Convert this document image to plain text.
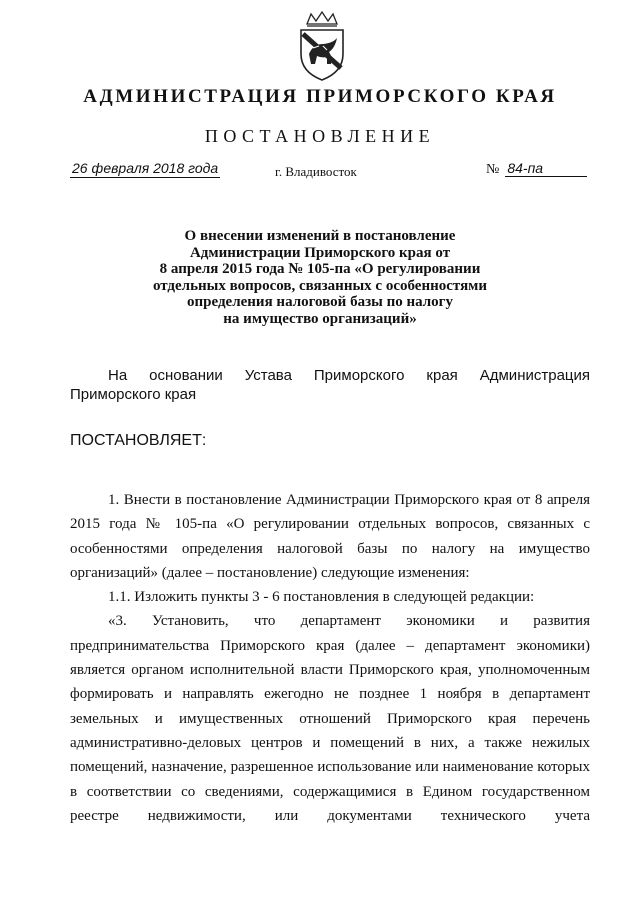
АДМИНИСТРАЦИЯ ПРИМОРСКОГО КРАЯ
ПОСТАНОВЛЕНИЕ
26 февраля 2018 года	г. Владивосток	№ 84-па
О внесении изменений в постановление
Администрации Приморского края от
8 апреля 2015 года № 105-па «О регулировании
отдельных вопросов, связанных с особенностями
определения налоговой базы по налогу
на имущество организаций»
На основании Устава Приморского края Администрация Приморского края
ПОСТАНОВЛЯЕТ:

1. Внести в постановление Администрации Приморского края от 8 апреля 2015 года № 105-па «О регулировании отдельных вопросов, связанных с особенностями определения налоговой базы по налогу на имущество организаций» (далее – постановление) следующие изменения:

1.1. Изложить пункты 3 - 6 постановления в следующей редакции:

«3. Установить, что департамент экономики и развития предпринимательства Приморского края (далее – департамент экономики) является органом исполнительной власти Приморского края, уполномоченным формировать и направлять ежегодно не позднее 1 ноября в департамент земельных и имущественных отношений Приморского края перечень административно-деловых центров и помещений в них, а также нежилых помещений, назначение, разрешенное использование или наименование которых в соответствии со сведениями, содержащимися в Едином государственном реестре недвижимости, или документами технического учета
